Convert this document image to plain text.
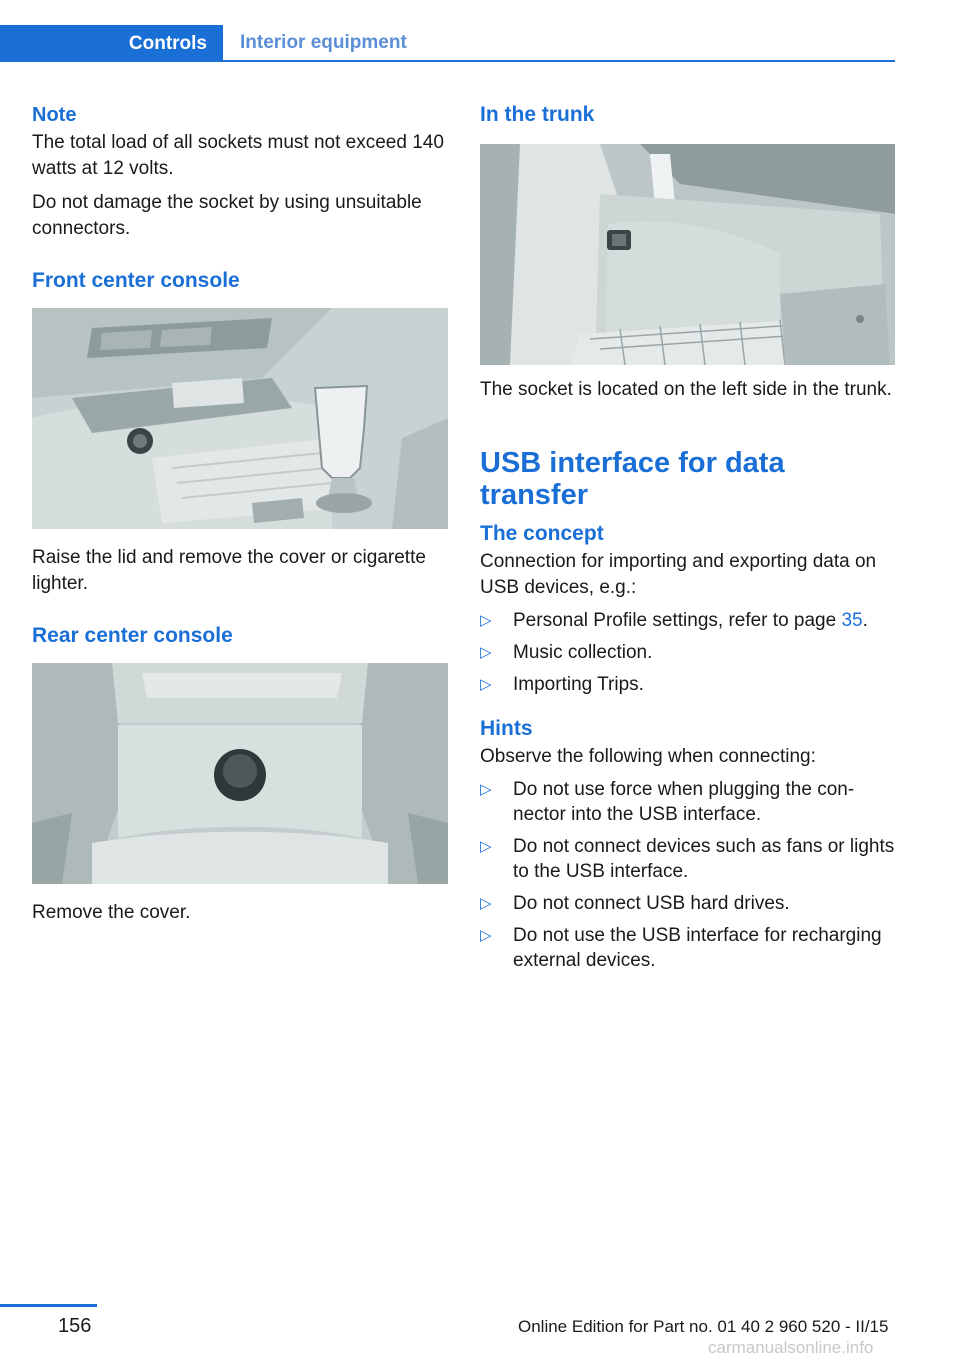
Controls	Interior equipment
Note

The total load of all sockets must not exceed 140 watts at 12 volts.

Do not damage the socket by using unsuitable connectors.

Front center console

Raise the lid and remove the cover or cigarette lighter.

Rear center console

Remove the cover.

In the trunk

The socket is located on the left side in the trunk.

USB interface for data transfer
The concept

Connection for importing and exporting data on USB devices, e.g.:

▷ Personal Profile settings, refer to page 35.
▷ Music collection.
▷ Importing Trips.
Hints

Observe the following when connecting:

▷ Do not use force when plugging the connector into the USB interface.
▷ Do not connect devices such as fans or lights to the USB interface.
▷ Do not connect USB hard drives.
▷ Do not use the USB interface for recharging external devices.
156	Online Edition for Part no. 01 40 2 960 520 - II/15
carmanualsonline.info
